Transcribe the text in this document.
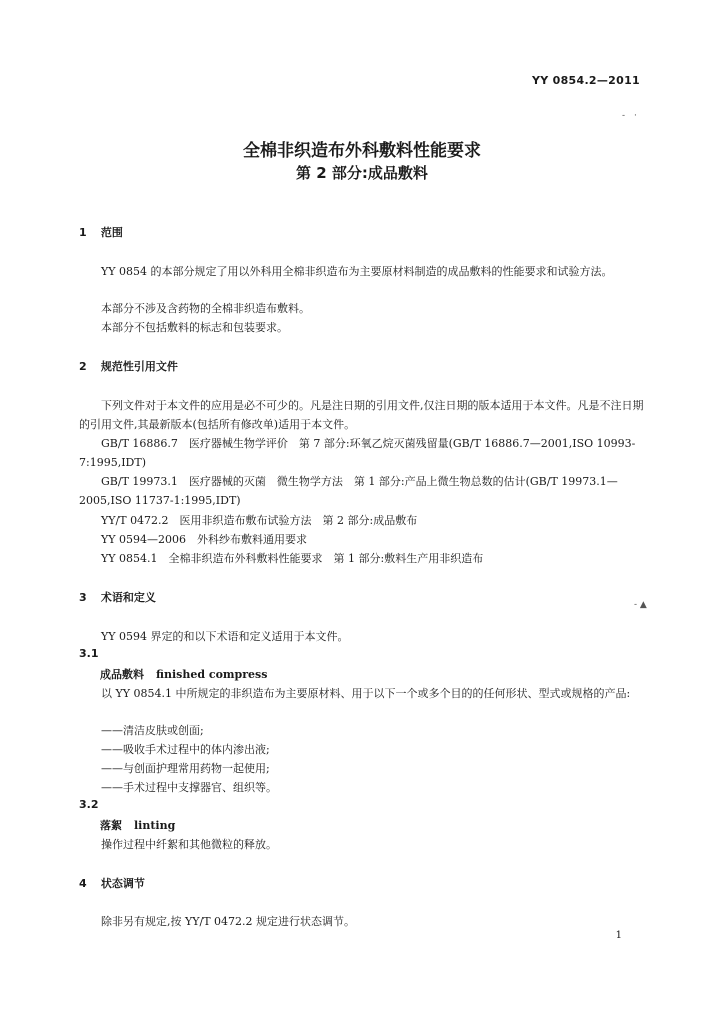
YY 0854.2—2011
-　·
全棉非织造布外科敷料性能要求
第 2 部分:成品敷料
1 范围
YY 0854 的本部分规定了用以外科用全棉非织造布为主要原材料制造的成品敷料的性能要求和试验方法。
本部分不涉及含药物的全棉非织造布敷料。
本部分不包括敷料的标志和包装要求。
2 规范性引用文件
下列文件对于本文件的应用是必不可少的。凡是注日期的引用文件,仅注日期的版本适用于本文件。凡是不注日期的引用文件,其最新版本(包括所有修改单)适用于本文件。
GB/T 16886.7　医疗器械生物学评价　第 7 部分:环氧乙烷灭菌残留量(GB/T 16886.7—2001,ISO 10993-7:1995,IDT)
GB/T 19973.1　医疗器械的灭菌　微生物学方法　第 1 部分:产品上微生物总数的估计(GB/T 19973.1—2005,ISO 11737-1:1995,IDT)
YY/T 0472.2　医用非织造布敷布试验方法　第 2 部分:成品敷布
YY 0594—2006　外科纱布敷料通用要求
YY 0854.1　全棉非织造布外科敷料性能要求　第 1 部分:敷料生产用非织造布
3 术语和定义
- ▲
YY 0594 界定的和以下术语和定义适用于本文件。
3.1
成品敷料 finished compress
以 YY 0854.1 中所规定的非织造布为主要原材料、用于以下一个或多个目的的任何形状、型式或规格的产品:
——清洁皮肤或创面;
——吸收手术过程中的体内渗出液;
——与创面护理常用药物一起使用;
——手术过程中支撑器官、组织等。
3.2
落絮 linting
操作过程中纤絮和其他微粒的释放。
4 状态调节
除非另有规定,按 YY/T 0472.2 规定进行状态调节。
1
